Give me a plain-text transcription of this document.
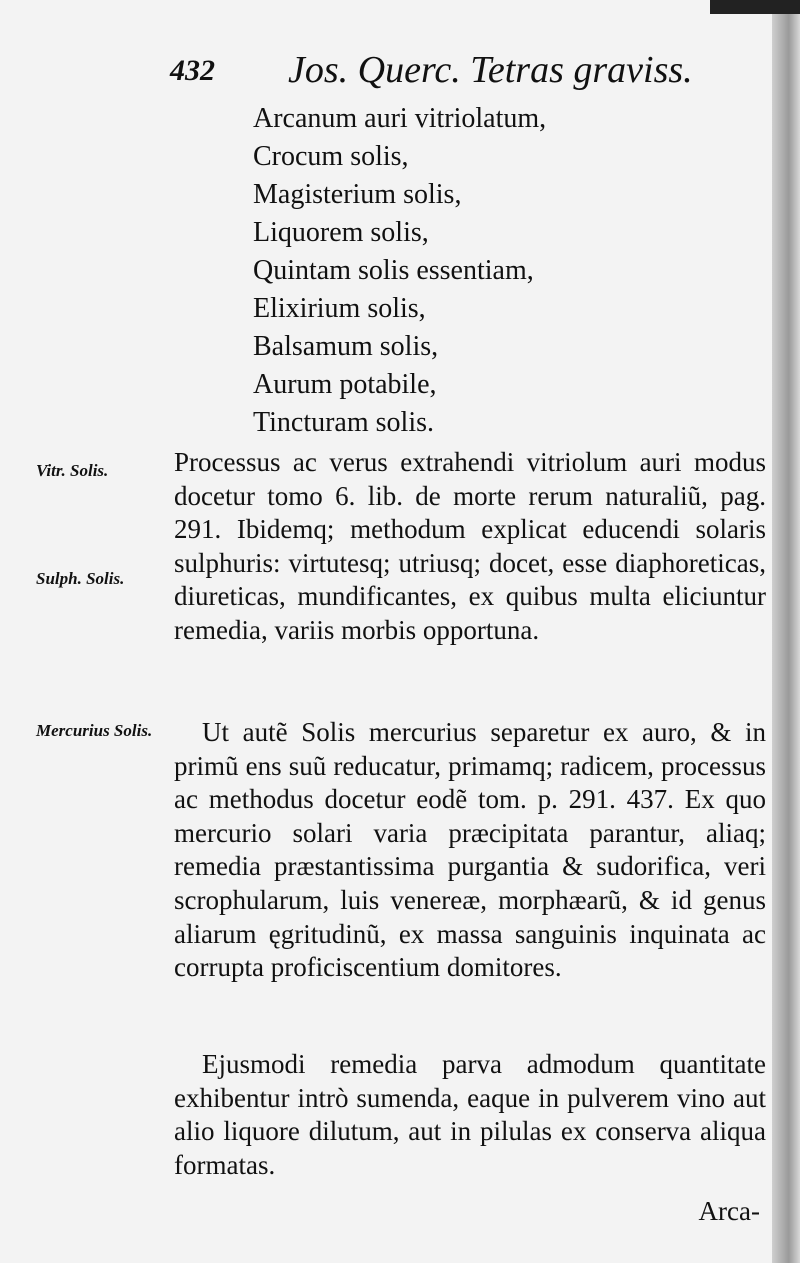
432 Jos. Querc. Tetras graviss.
Arcanum auri vitriolatum,
Crocum solis,
Magisterium solis,
Liquorem solis,
Quintam solis essentiam,
Elixirium solis,
Balsamum solis,
Aurum potabile,
Tincturam solis.
Vitr. Solis.
Sulph. Solis.
Mercurius Solis.

Processus ac verus extrahendi vitriolum auri modus docetur tomo 6. lib. de morte rerum naturaliũ, pag. 291. Ibidemq; methodum explicat educendi solaris sulphuris: virtutesq; utriusq; docet, esse diaphoreticas, diureticas, mundificantes, ex quibus multa eliciuntur remedia, variis morbis opportuna.

Ut autẽ Solis mercurius separetur ex auro, & in primũ ens suũ reducatur, primamq; radicem, processus ac methodus docetur eodẽ tom. p. 291. 437. Ex quo mercurio solari varia præcipitata parantur, aliaq; remedia præstantissima purgantia & sudorifica, veri scrophularum, luis venereæ, morphæarũ, & id genus aliarum ęgritudinũ, ex massa sanguinis inquinata ac corrupta proficiscentium domitores.

Ejusmodi remedia parva admodum quantitate exhibentur intrò sumenda, eaque in pulverem vino aut alio liquore dilutum, aut in pilulas ex conserva aliqua formatas.

Arca-
